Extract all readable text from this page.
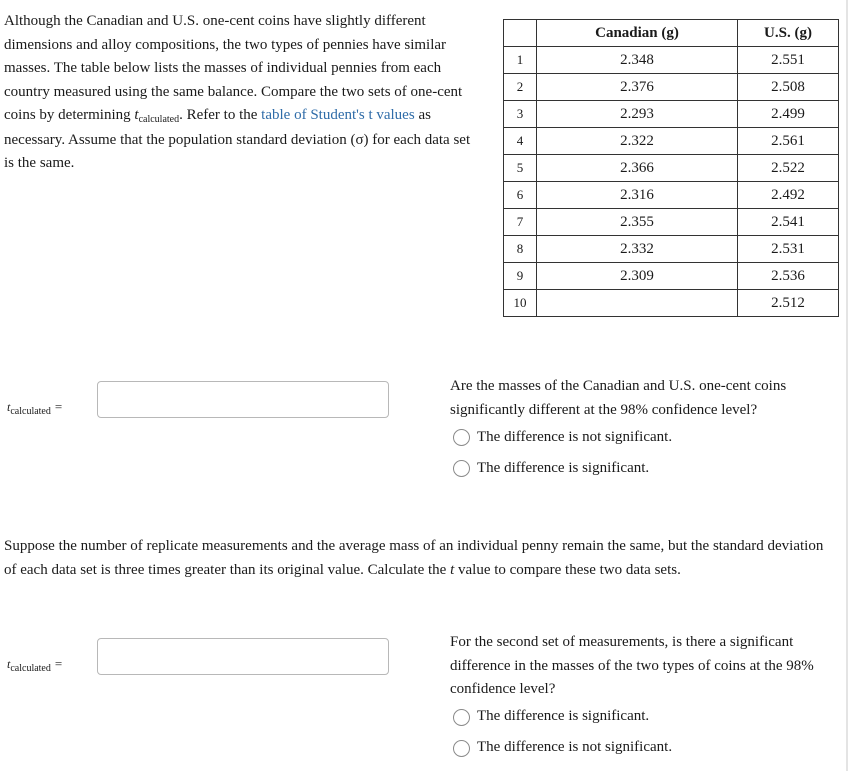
Although the Canadian and U.S. one-cent coins have slightly different dimensions and alloy compositions, the two types of pennies have similar masses. The table below lists the masses of individual pennies from each country measured using the same balance. Compare the two sets of one-cent coins by determining $t_{calculated}$. Refer to the table of Student's t values as necessary. Assume that the population standard deviation (σ) for each data set is the same.
	Canadian (g)	U.S. (g)
1	2.348	2.551
2	2.376	2.508
3	2.293	2.499
4	2.322	2.561
5	2.366	2.522
6	2.316	2.492
7	2.355	2.541
8	2.332	2.531
9	2.309	2.536
10		2.512
$t_{calculated}$ =
Are the masses of the Canadian and U.S. one-cent coins significantly different at the 98% confidence level?
The difference is not significant.
The difference is significant.
Suppose the number of replicate measurements and the average mass of an individual penny remain the same, but the standard deviation of each data set is three times greater than its original value. Calculate the t value to compare these two data sets.
$t_{calculated}$ =
For the second set of measurements, is there a significant difference in the masses of the two types of coins at the 98% confidence level?
The difference is significant.
The difference is not significant.
